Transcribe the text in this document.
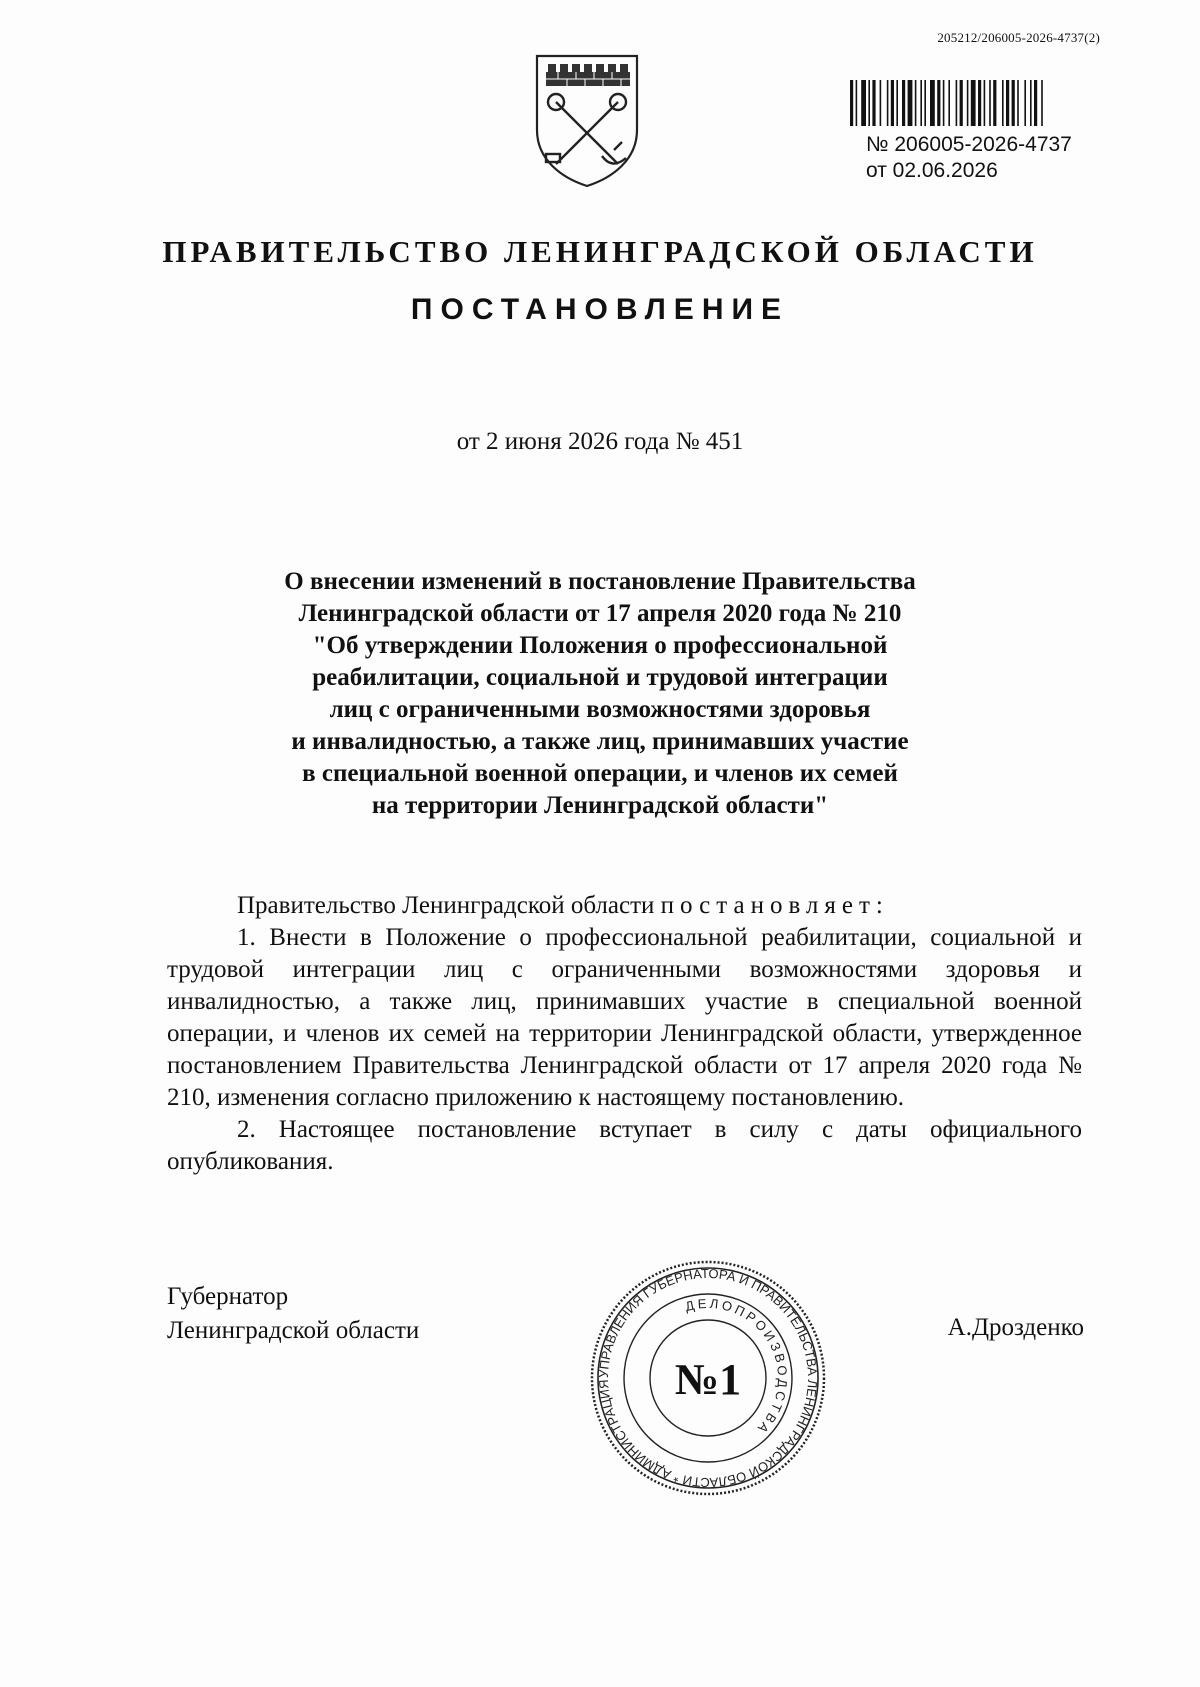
205212/206005-2026-4737(2)
№ 206005-2026-4737
от 02.06.2026
ПРАВИТЕЛЬСТВО ЛЕНИНГРАДСКОЙ ОБЛАСТИ
ПОСТАНОВЛЕНИЕ
от 2 июня 2026 года № 451
О внесении изменений в постановление Правительства
Ленинградской области от 17 апреля 2020 года № 210
"Об утверждении Положения о профессиональной
реабилитации, социальной и трудовой интеграции
лиц с ограниченными возможностями здоровья
и инвалидностью, а также лиц, принимавших участие
в специальной военной операции, и членов их семей
на территории Ленинградской области"

Правительство Ленинградской области постановляет:

1. Внести в Положение о профессиональной реабилитации, социальной и трудовой интеграции лиц с ограниченными возможностями здоровья и инвалидностью, а также лиц, принимавших участие в специальной военной операции, и членов их семей на территории Ленинградской области, утвержденное постановлением Правительства Ленинградской области от 17 апреля 2020 года № 210, изменения согласно приложению к настоящему постановлению.

2. Настоящее постановление вступает в силу с даты официального опубликования.

Губернатор
Ленинградской области	А.Дрозденко
УПРАВЛЕНИЯ ГУБЕРНАТОРА И ПРАВИТЕЛЬСТВА ЛЕНИНГРАДСКОЙ ОБЛАСТИ * АДМИНИСТРАЦИЯ
ДЕЛОПРОИЗВОДСТВА
№1
